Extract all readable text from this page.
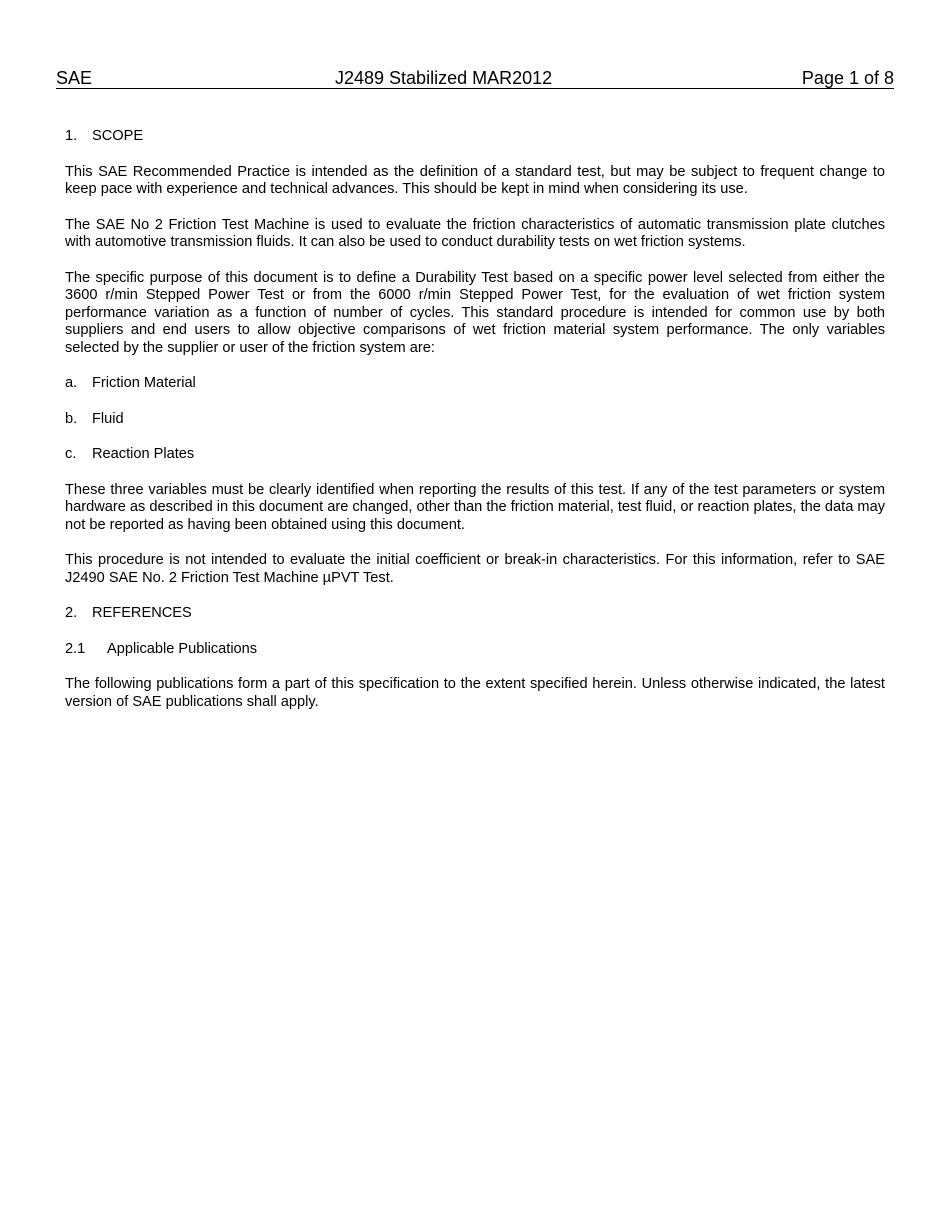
SAE	J2489 Stabilized MAR2012	Page 1 of 8
1.	SCOPE

This SAE Recommended Practice is intended as the definition of a standard test, but may be subject to frequent change to keep pace with experience and technical advances. This should be kept in mind when considering its use.

The SAE No 2 Friction Test Machine is used to evaluate the friction characteristics of automatic transmission plate clutches with automotive transmission fluids. It can also be used to conduct durability tests on wet friction systems.

The specific purpose of this document is to define a Durability Test based on a specific power level selected from either the 3600 r/min Stepped Power Test or from the 6000 r/min Stepped Power Test, for the evaluation of wet friction system performance variation as a function of number of cycles. This standard procedure is intended for common use by both suppliers and end users to allow objective comparisons of wet friction material system performance. The only variables selected by the supplier or user of the friction system are:

a.	Friction Material
b.	Fluid
c.	Reaction Plates

These three variables must be clearly identified when reporting the results of this test. If any of the test parameters or system hardware as described in this document are changed, other than the friction material, test fluid, or reaction plates, the data may not be reported as having been obtained using this document.

This procedure is not intended to evaluate the initial coefficient or break-in characteristics. For this information, refer to SAE J2490 SAE No. 2 Friction Test Machine µPVT Test.

2.	REFERENCES
2.1	Applicable Publications

The following publications form a part of this specification to the extent specified herein. Unless otherwise indicated, the latest version of SAE publications shall apply.
